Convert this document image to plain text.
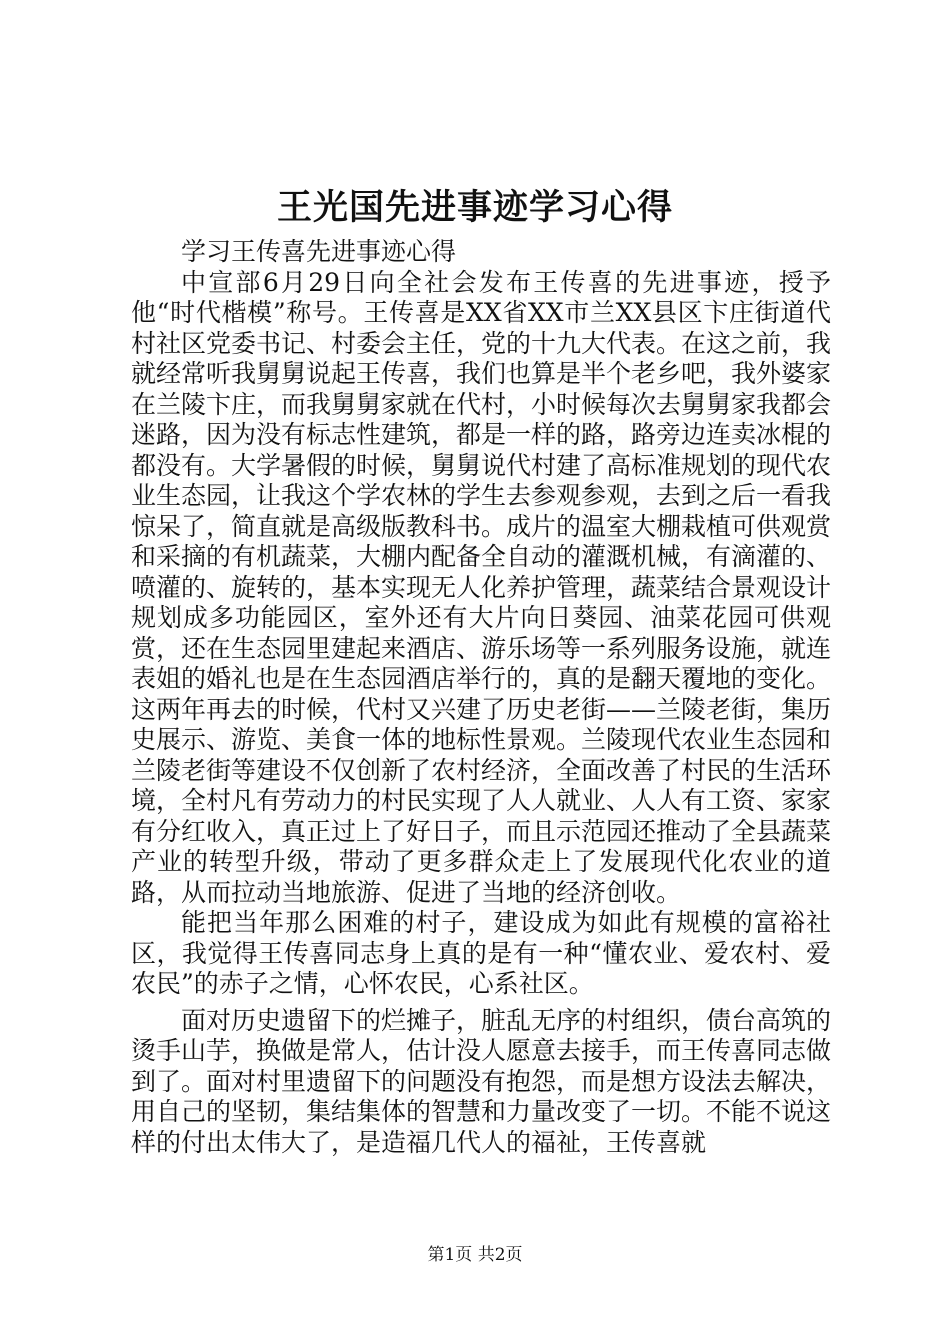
王光国先进事迹学习心得

学习王传喜先进事迹心得

中宣部6月29日向全社会发布王传喜的先进事迹，授予他“时代楷模”称号。王传喜是XX省XX市兰XX县区卞庄街道代村社区党委书记、村委会主任，党的十九大代表。在这之前，我就经常听我舅舅说起王传喜，我们也算是半个老乡吧，我外婆家在兰陵卞庄，而我舅舅家就在代村，小时候每次去舅舅家我都会迷路，因为没有标志性建筑，都是一样的路，路旁边连卖冰棍的都没有。大学暑假的时候，舅舅说代村建了高标准规划的现代农业生态园，让我这个学农林的学生去参观参观，去到之后一看我惊呆了，简直就是高级版教科书。成片的温室大棚栽植可供观赏和采摘的有机蔬菜，大棚内配备全自动的灌溉机械，有滴灌的、喷灌的、旋转的，基本实现无人化养护管理，蔬菜结合景观设计规划成多功能园区，室外还有大片向日葵园、油菜花园可供观赏，还在生态园里建起来酒店、游乐场等一系列服务设施，就连表姐的婚礼也是在生态园酒店举行的，真的是翻天覆地的变化。这两年再去的时候，代村又兴建了历史老街——兰陵老街，集历史展示、游览、美食一体的地标性景观。兰陵现代农业生态园和兰陵老街等建设不仅创新了农村经济，全面改善了村民的生活环境，全村凡有劳动力的村民实现了人人就业、人人有工资、家家有分红收入，真正过上了好日子，而且示范园还推动了全县蔬菜产业的转型升级，带动了更多群众走上了发展现代化农业的道路，从而拉动当地旅游、促进了当地的经济创收。

能把当年那么困难的村子，建设成为如此有规模的富裕社区，我觉得王传喜同志身上真的是有一种“懂农业、爱农村、爱农民”的赤子之情，心怀农民，心系社区。

面对历史遗留下的烂摊子，脏乱无序的村组织，债台高筑的烫手山芋，换做是常人，估计没人愿意去接手，而王传喜同志做到了。面对村里遗留下的问题没有抱怨，而是想方设法去解决，用自己的坚韧，集结集体的智慧和力量改变了一切。不能不说这样的付出太伟大了，是造福几代人的福祉，王传喜就

第1页 共2页
